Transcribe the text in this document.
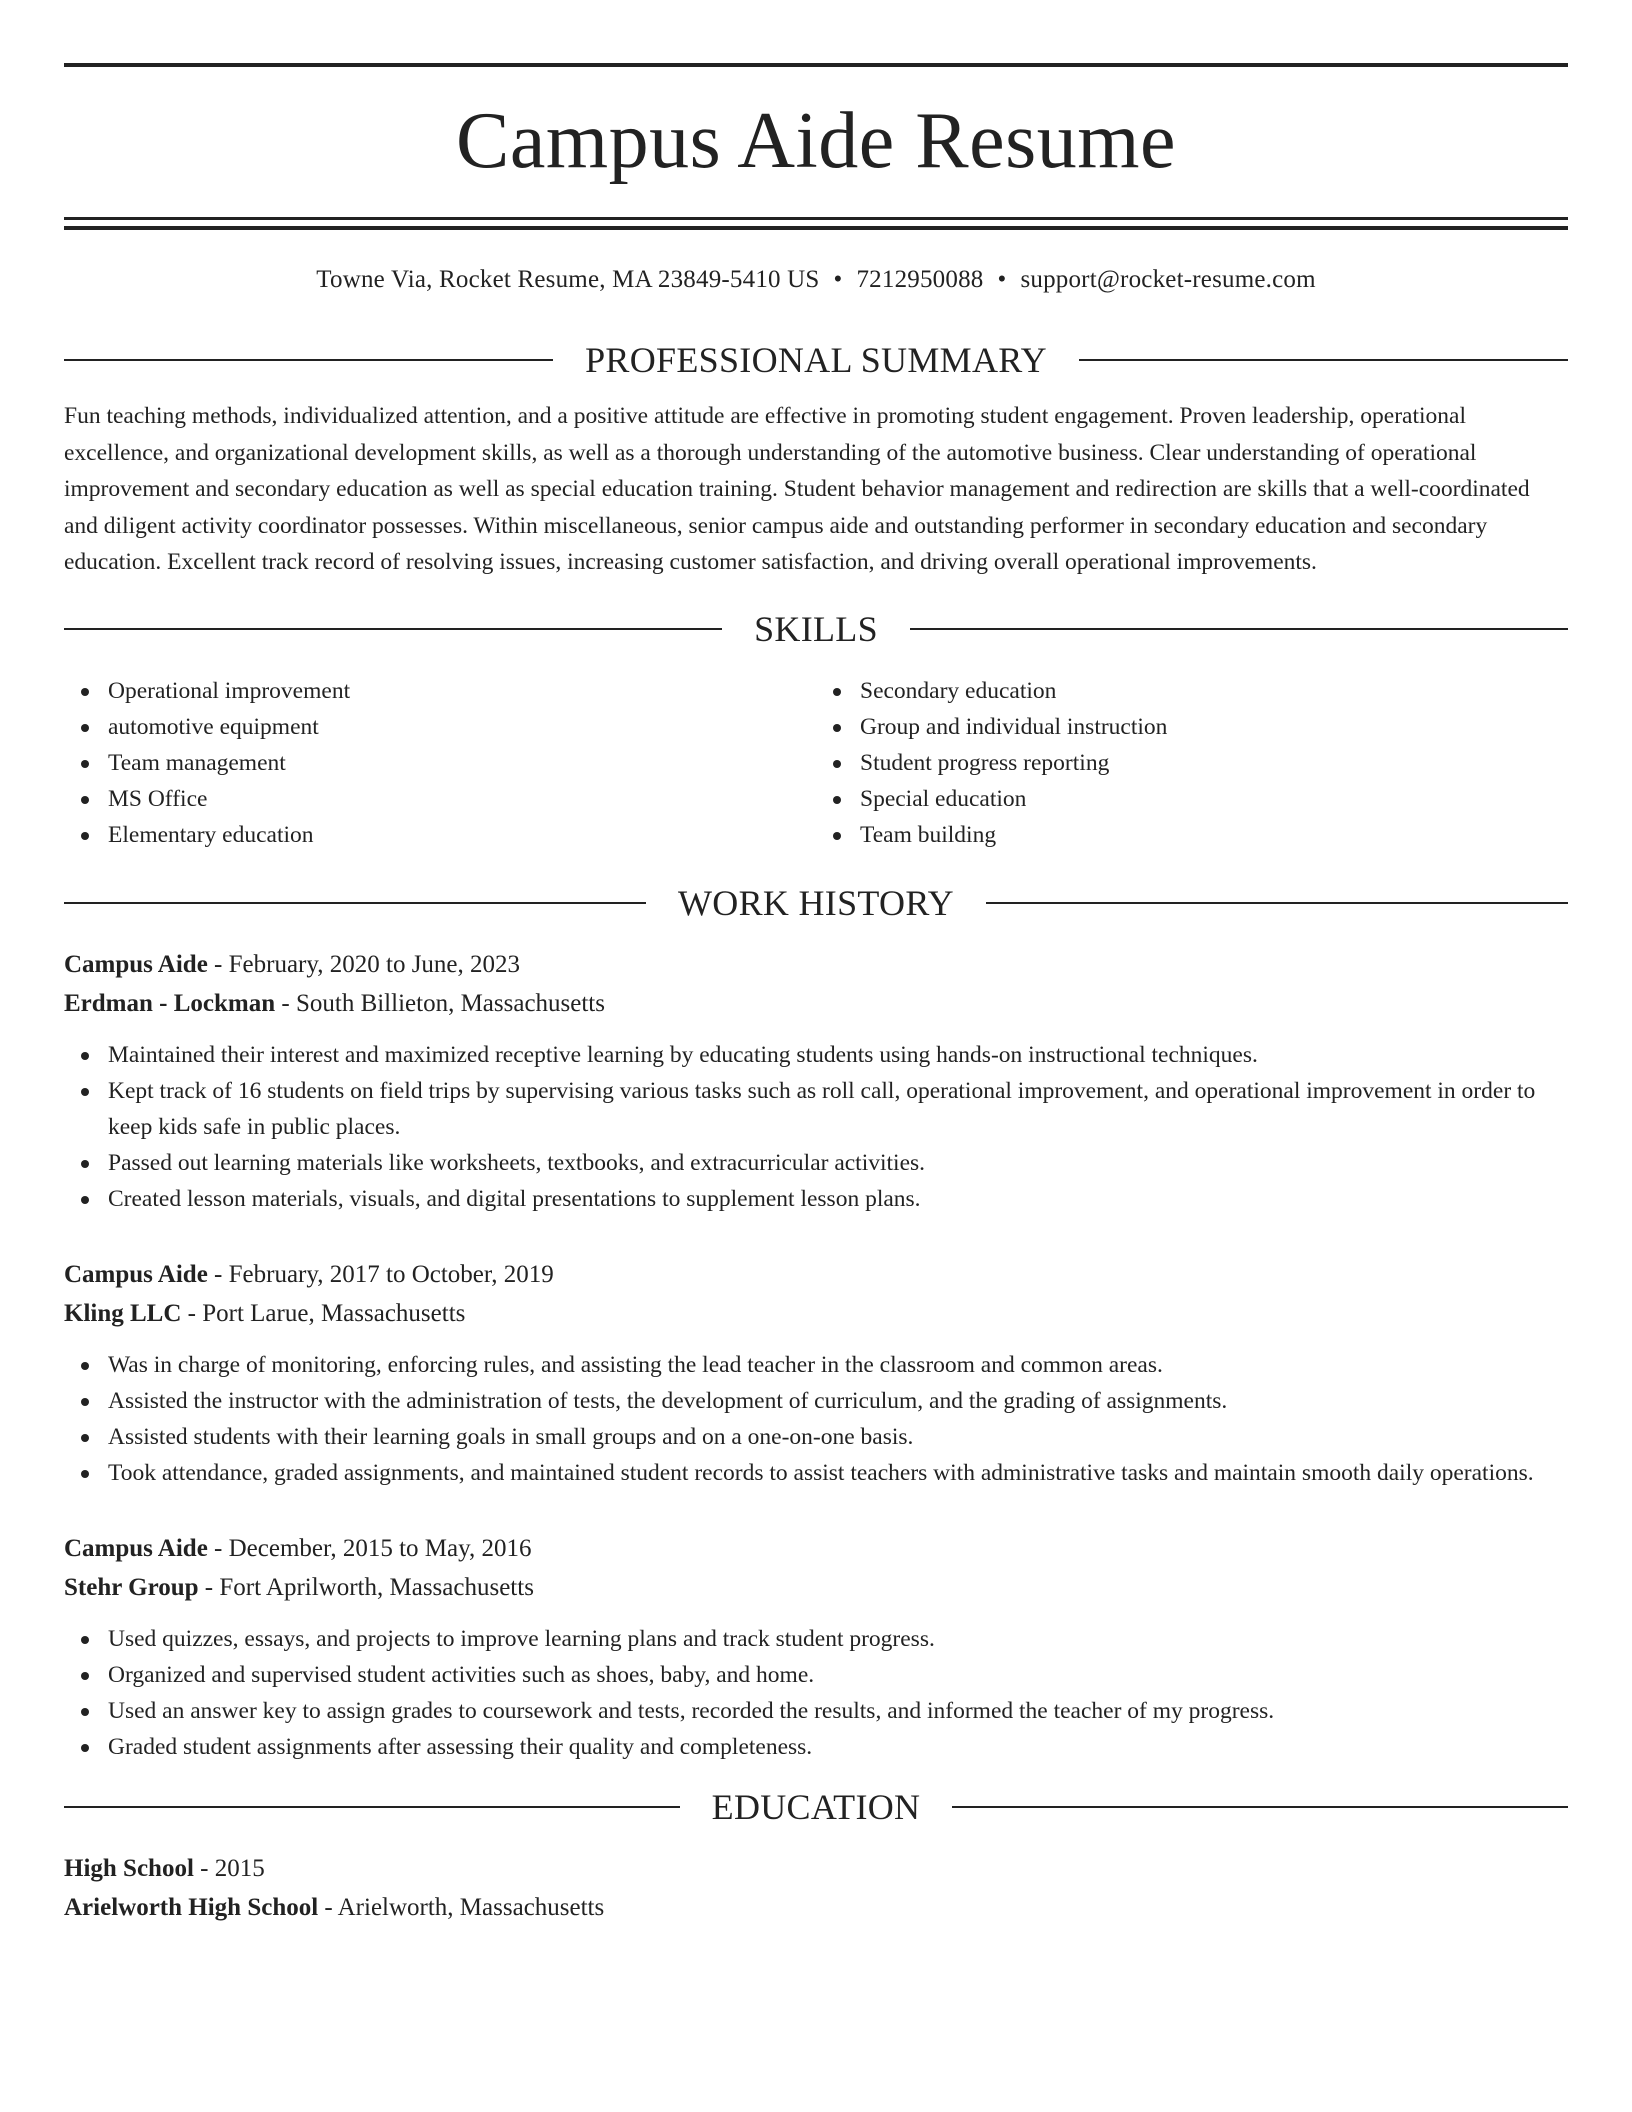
Campus Aide Resume
Towne Via, Rocket Resume, MA 23849-5410 US • 7212950088 • support@rocket-resume.com
PROFESSIONAL SUMMARY

Fun teaching methods, individualized attention, and a positive attitude are effective in promoting student engagement. Proven leadership, operational excellence, and organizational development skills, as well as a thorough understanding of the automotive business. Clear understanding of operational improvement and secondary education as well as special education training. Student behavior management and redirection are skills that a well-coordinated and diligent activity coordinator possesses. Within miscellaneous, senior campus aide and outstanding performer in secondary education and secondary education. Excellent track record of resolving issues, increasing customer satisfaction, and driving overall operational improvements.

SKILLS
Operational improvement
automotive equipment
Team management
MS Office
Elementary education
Secondary education
Group and individual instruction
Student progress reporting
Special education
Team building
WORK HISTORY
Campus Aide - February, 2020 to June, 2023
Erdman - Lockman - South Billieton, Massachusetts
Maintained their interest and maximized receptive learning by educating students using hands-on instructional techniques.
Kept track of 16 students on field trips by supervising various tasks such as roll call, operational improvement, and operational improvement in order to keep kids safe in public places.
Passed out learning materials like worksheets, textbooks, and extracurricular activities.
Created lesson materials, visuals, and digital presentations to supplement lesson plans.
Campus Aide - February, 2017 to October, 2019
Kling LLC - Port Larue, Massachusetts
Was in charge of monitoring, enforcing rules, and assisting the lead teacher in the classroom and common areas.
Assisted the instructor with the administration of tests, the development of curriculum, and the grading of assignments.
Assisted students with their learning goals in small groups and on a one-on-one basis.
Took attendance, graded assignments, and maintained student records to assist teachers with administrative tasks and maintain smooth daily operations.
Campus Aide - December, 2015 to May, 2016
Stehr Group - Fort Aprilworth, Massachusetts
Used quizzes, essays, and projects to improve learning plans and track student progress.
Organized and supervised student activities such as shoes, baby, and home.
Used an answer key to assign grades to coursework and tests, recorded the results, and informed the teacher of my progress.
Graded student assignments after assessing their quality and completeness.
EDUCATION
High School - 2015
Arielworth High School - Arielworth, Massachusetts
